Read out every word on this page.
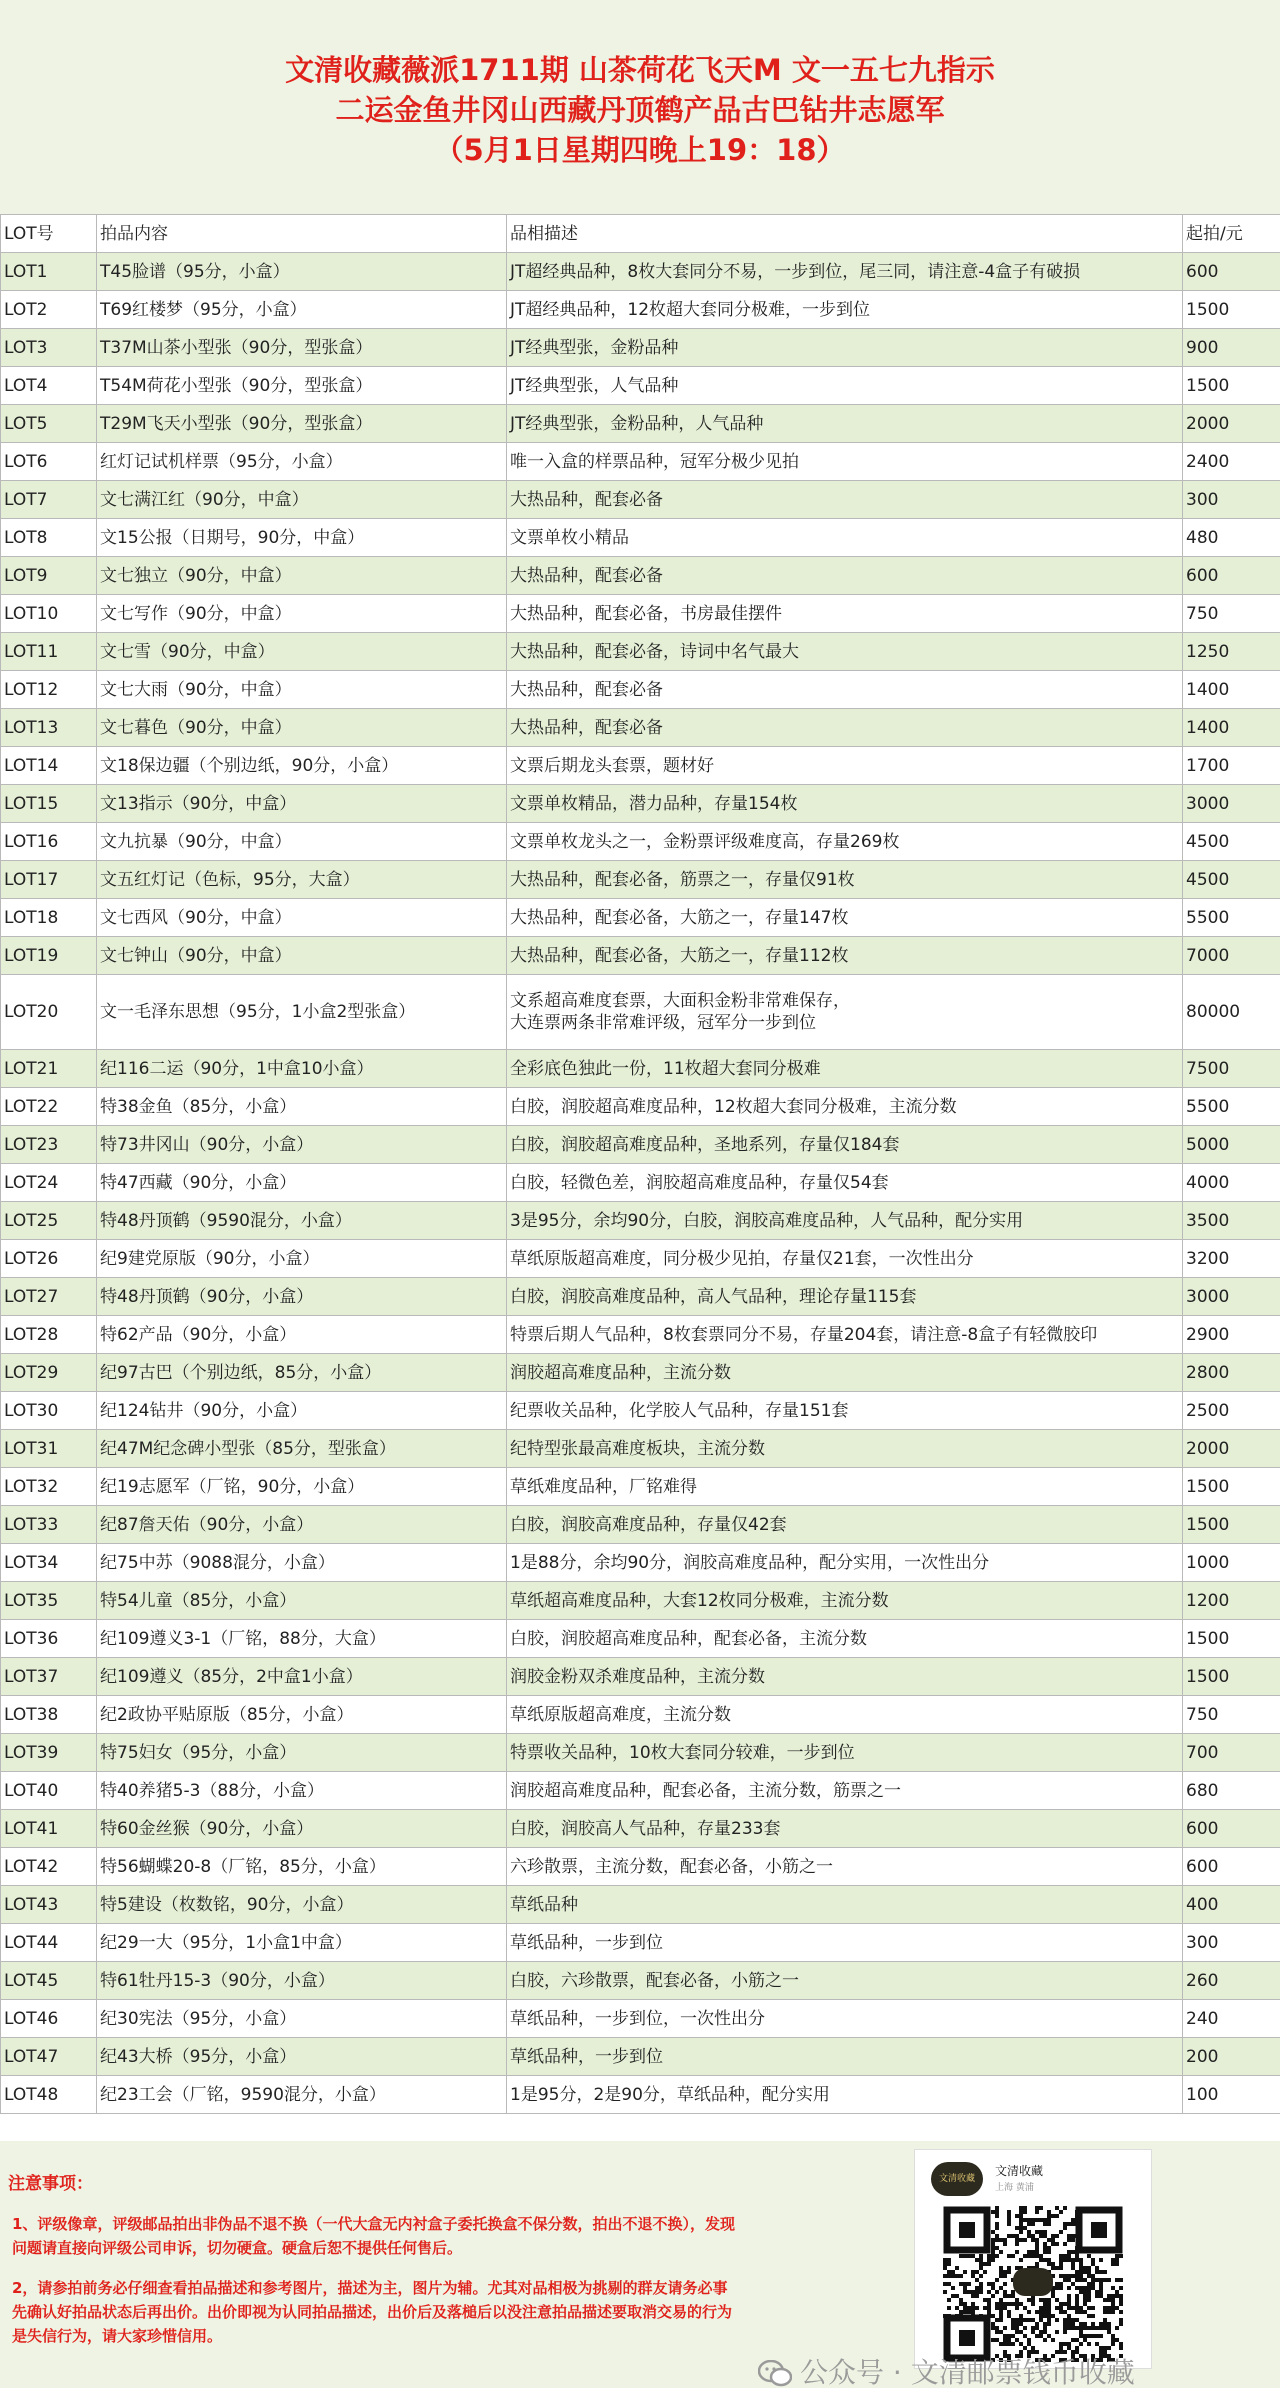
文清收藏薇派1711期 山茶荷花飞天M 文一五七九指示
二运金鱼井冈山西藏丹顶鹤产品古巴钻井志愿军
（5月1日星期四晚上19：18）
LOT号	拍品内容	品相描述	起拍/元
LOT1	T45脸谱（95分，小盒）	JT超经典品种，8枚大套同分不易，一步到位，尾三同，请注意-4盒子有破损	600
LOT2	T69红楼梦（95分，小盒）	JT超经典品种，12枚超大套同分极难，一步到位	1500
LOT3	T37M山茶小型张（90分，型张盒）	JT经典型张，金粉品种	900
LOT4	T54M荷花小型张（90分，型张盒）	JT经典型张，人气品种	1500
LOT5	T29M飞天小型张（90分，型张盒）	JT经典型张，金粉品种，人气品种	2000
LOT6	红灯记试机样票（95分，小盒）	唯一入盒的样票品种，冠军分极少见拍	2400
LOT7	文七满江红（90分，中盒）	大热品种，配套必备	300
LOT8	文15公报（日期号，90分，中盒）	文票单枚小精品	480
LOT9	文七独立（90分，中盒）	大热品种，配套必备	600
LOT10	文七写作（90分，中盒）	大热品种，配套必备，书房最佳摆件	750
LOT11	文七雪（90分，中盒）	大热品种，配套必备，诗词中名气最大	1250
LOT12	文七大雨（90分，中盒）	大热品种，配套必备	1400
LOT13	文七暮色（90分，中盒）	大热品种，配套必备	1400
LOT14	文18保边疆（个别边纸，90分，小盒）	文票后期龙头套票，题材好	1700
LOT15	文13指示（90分，中盒）	文票单枚精品，潜力品种，存量154枚	3000
LOT16	文九抗暴（90分，中盒）	文票单枚龙头之一，金粉票评级难度高，存量269枚	4500
LOT17	文五红灯记（色标，95分，大盒）	大热品种，配套必备，筋票之一，存量仅91枚	4500
LOT18	文七西风（90分，中盒）	大热品种，配套必备，大筋之一，存量147枚	5500
LOT19	文七钟山（90分，中盒）	大热品种，配套必备，大筋之一，存量112枚	7000
LOT20	文一毛泽东思想（95分，1小盒2型张盒）	文系超高难度套票，大面积金粉非常难保存，
大连票两条非常难评级，冠军分一步到位	80000
LOT21	纪116二运（90分，1中盒10小盒）	全彩底色独此一份，11枚超大套同分极难	7500
LOT22	特38金鱼（85分，小盒）	白胶，润胶超高难度品种，12枚超大套同分极难，主流分数	5500
LOT23	特73井冈山（90分，小盒）	白胶，润胶超高难度品种，圣地系列，存量仅184套	5000
LOT24	特47西藏（90分，小盒）	白胶，轻微色差，润胶超高难度品种，存量仅54套	4000
LOT25	特48丹顶鹤（9590混分，小盒）	3是95分，余均90分，白胶，润胶高难度品种，人气品种，配分实用	3500
LOT26	纪9建党原版（90分，小盒）	草纸原版超高难度，同分极少见拍，存量仅21套，一次性出分	3200
LOT27	特48丹顶鹤（90分，小盒）	白胶，润胶高难度品种，高人气品种，理论存量115套	3000
LOT28	特62产品（90分，小盒）	特票后期人气品种，8枚套票同分不易，存量204套，请注意-8盒子有轻微胶印	2900
LOT29	纪97古巴（个别边纸，85分，小盒）	润胶超高难度品种，主流分数	2800
LOT30	纪124钻井（90分，小盒）	纪票收关品种，化学胶人气品种，存量151套	2500
LOT31	纪47M纪念碑小型张（85分，型张盒）	纪特型张最高难度板块，主流分数	2000
LOT32	纪19志愿军（厂铭，90分，小盒）	草纸难度品种，厂铭难得	1500
LOT33	纪87詹天佑（90分，小盒）	白胶，润胶高难度品种，存量仅42套	1500
LOT34	纪75中苏（9088混分，小盒）	1是88分，余均90分，润胶高难度品种，配分实用，一次性出分	1000
LOT35	特54儿童（85分，小盒）	草纸超高难度品种，大套12枚同分极难，主流分数	1200
LOT36	纪109遵义3-1（厂铭，88分，大盒）	白胶，润胶超高难度品种，配套必备，主流分数	1500
LOT37	纪109遵义（85分，2中盒1小盒）	润胶金粉双杀难度品种，主流分数	1500
LOT38	纪2政协平贴原版（85分，小盒）	草纸原版超高难度，主流分数	750
LOT39	特75妇女（95分，小盒）	特票收关品种，10枚大套同分较难，一步到位	700
LOT40	特40养猪5-3（88分，小盒）	润胶超高难度品种，配套必备，主流分数，筋票之一	680
LOT41	特60金丝猴（90分，小盒）	白胶，润胶高人气品种，存量233套	600
LOT42	特56蝴蝶20-8（厂铭，85分，小盒）	六珍散票，主流分数，配套必备，小筋之一	600
LOT43	特5建设（枚数铭，90分，小盒）	草纸品种	400
LOT44	纪29一大（95分，1小盒1中盒）	草纸品种，一步到位	300
LOT45	特61牡丹15-3（90分，小盒）	白胶，六珍散票，配套必备，小筋之一	260
LOT46	纪30宪法（95分，小盒）	草纸品种，一步到位，一次性出分	240
LOT47	纪43大桥（95分，小盒）	草纸品种，一步到位	200
LOT48	纪23工会（厂铭，9590混分，小盒）	1是95分，2是90分，草纸品种，配分实用	100
注意事项：
1、评级像章，评级邮品拍出非伪品不退不换（一代大盒无内衬盒子委托换盒不保分数，拍出不退不换），发现问题请直接向评级公司申诉，切勿硬盒。硬盒后恕不提供任何售后。
2，请参拍前务必仔细查看拍品描述和参考图片，描述为主，图片为辅。尤其对品相极为挑剔的群友请务必事先确认好拍品状态后再出价。出价即视为认同拍品描述，出价后及落槌后以没注意拍品描述要取消交易的行为是失信行为，请大家珍惜信用。
文清收藏
文清收藏
上海 黄浦
公众号 · 文清邮票钱币收藏
